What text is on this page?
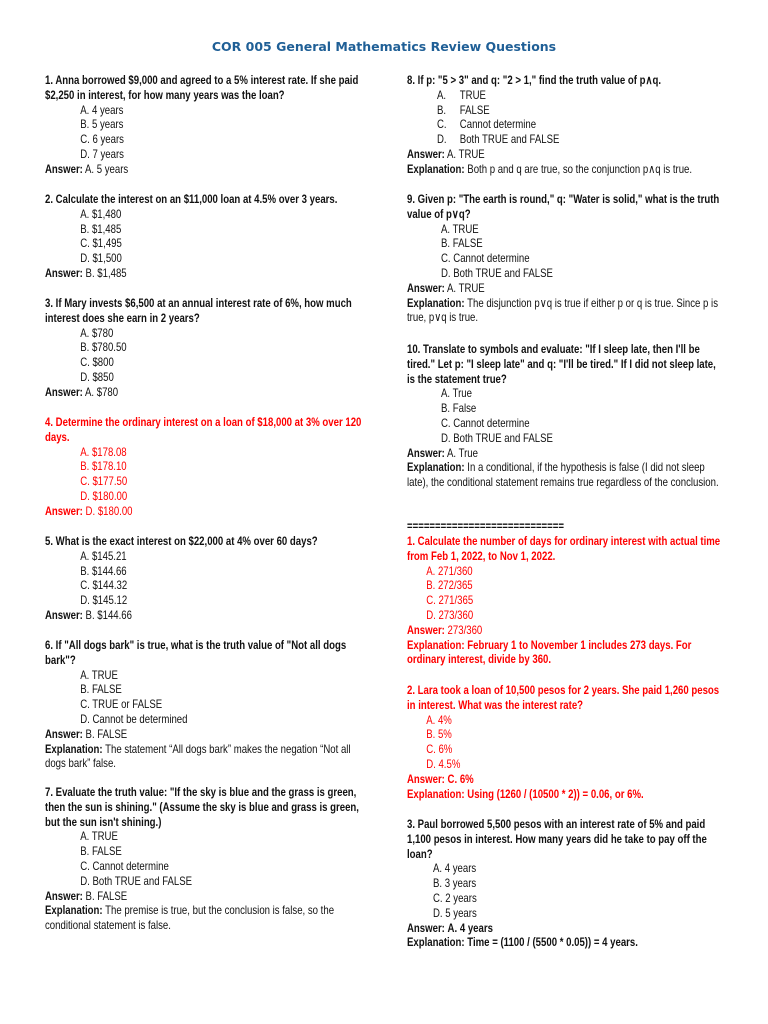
COR 005 General Mathematics Review Questions
1. Anna borrowed $9,000 and agreed to a 5% interest rate. If she paid $2,250 in interest, for how many years was the loan?
A. 4 years
B. 5 years
C. 6 years
D. 7 years
Answer: A. 5 years
2. Calculate the interest on an $11,000 loan at 4.5% over 3 years.
A. $1,480
B. $1,485
C. $1,495
D. $1,500
Answer: B. $1,485
3. If Mary invests $6,500 at an annual interest rate of 6%, how much interest does she earn in 2 years?
A. $780
B. $780.50
C. $800
D. $850
Answer: A. $780
4. Determine the ordinary interest on a loan of $18,000 at 3% over 120 days.
A. $178.08
B. $178.10
C. $177.50
D. $180.00
Answer: D. $180.00
5. What is the exact interest on $22,000 at 4% over 60 days?
A. $145.21
B. $144.66
C. $144.32
D. $145.12
Answer: B. $144.66
6. If "All dogs bark" is true, what is the truth value of "Not all dogs bark"?
A. TRUE
B. FALSE
C. TRUE or FALSE
D. Cannot be determined
Answer: B. FALSE
Explanation: The statement “All dogs bark” makes the negation “Not all dogs bark” false.
7. Evaluate the truth value: "If the sky is blue and the grass is green, then the sun is shining." (Assume the sky is blue and grass is green, but the sun isn't shining.)
A. TRUE
B. FALSE
C. Cannot determine
D. Both TRUE and FALSE
Answer: B. FALSE
Explanation: The premise is true, but the conclusion is false, so the conditional statement is false.
8. If p: "5 > 3" and q: "2 > 1," find the truth value of p∧q.
A. TRUE
B. FALSE
C. Cannot determine
D. Both TRUE and FALSE
Answer: A. TRUE
Explanation: Both p and q are true, so the conjunction p∧q is true.
9. Given p: "The earth is round," q: "Water is solid," what is the truth value of p∨q?
A. TRUE
B. FALSE
C. Cannot determine
D. Both TRUE and FALSE
Answer: A. TRUE
Explanation: The disjunction p∨q is true if either p or q is true. Since p is true, p∨q is true.
10. Translate to symbols and evaluate: "If I sleep late, then I'll be tired." Let p: "I sleep late" and q: "I'll be tired." If I did not sleep late, is the statement true?
A. True
B. False
C. Cannot determine
D. Both TRUE and FALSE
Answer: A. True
Explanation: In a conditional, if the hypothesis is false (I did not sleep late), the conditional statement remains true regardless of the conclusion.
============================
1. Calculate the number of days for ordinary interest with actual time from Feb 1, 2022, to Nov 1, 2022.
A. 271/360
B. 272/365
C. 271/365
D. 273/360
Answer: 273/360
Explanation: February 1 to November 1 includes 273 days. For ordinary interest, divide by 360.
2. Lara took a loan of 10,500 pesos for 2 years. She paid 1,260 pesos in interest. What was the interest rate?
A. 4%
B. 5%
C. 6%
D. 4.5%
Answer: C. 6%
Explanation: Using (1260 / (10500 * 2)) = 0.06, or 6%.
3. Paul borrowed 5,500 pesos with an interest rate of 5% and paid 1,100 pesos in interest. How many years did he take to pay off the loan?
A. 4 years
B. 3 years
C. 2 years
D. 5 years
Answer: A. 4 years
Explanation: Time = (1100 / (5500 * 0.05)) = 4 years.
